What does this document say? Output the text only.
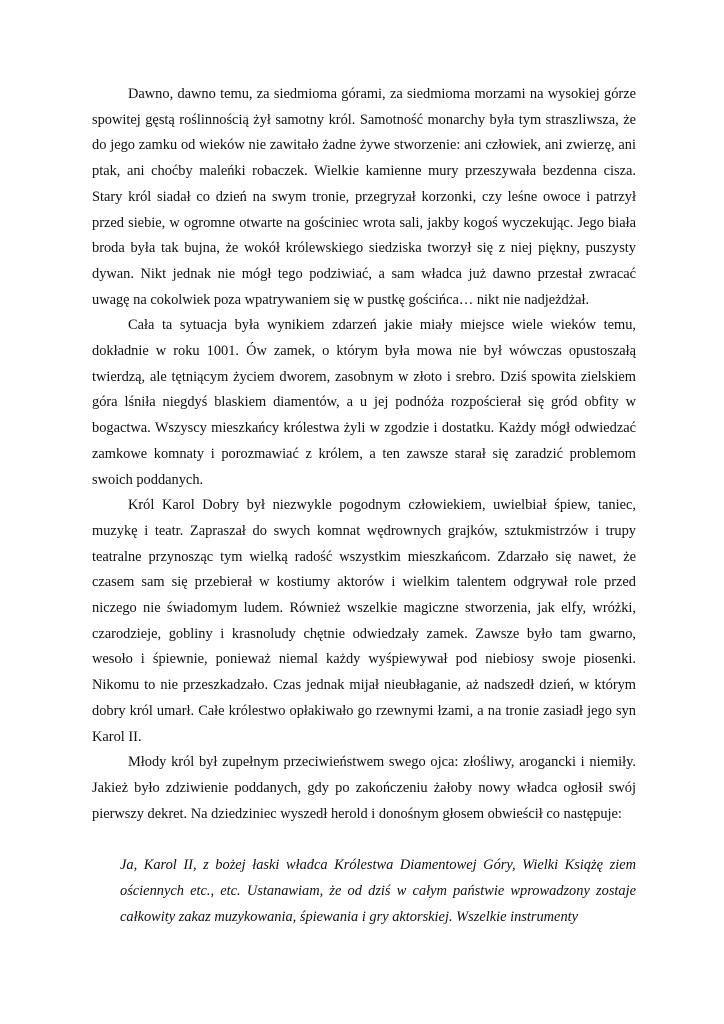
Dawno, dawno temu, za siedmioma górami, za siedmioma morzami na wysokiej górze spowitej gęstą roślinnością żył samotny król. Samotność monarchy była tym straszliwsza, że do jego zamku od wieków nie zawitało żadne żywe stworzenie: ani człowiek, ani zwierzę, ani ptak, ani choćby maleńki robaczek. Wielkie kamienne mury przeszywała bezdenna cisza. Stary król siadał co dzień na swym tronie, przegryzał korzonki, czy leśne owoce i patrzył przed siebie, w ogromne otwarte na gościniec wrota sali, jakby kogoś wyczekując. Jego biała broda była tak bujna, że wokół królewskiego siedziska tworzył się z niej piękny, puszysty dywan. Nikt jednak nie mógł tego podziwiać, a sam władca już dawno przestał zwracać uwagę na cokolwiek poza wpatrywaniem się w pustkę gościńca… nikt nie nadjeżdżał.

Cała ta sytuacja była wynikiem zdarzeń jakie miały miejsce wiele wieków temu, dokładnie w roku 1001. Ów zamek, o którym była mowa nie był wówczas opustoszałą twierdzą, ale tętniącym życiem dworem, zasobnym w złoto i srebro. Dziś spowita zielskiem góra lśniła niegdyś blaskiem diamentów, a u jej podnóża rozpościerał się gród obfity w bogactwa. Wszyscy mieszkańcy królestwa żyli w zgodzie i dostatku. Każdy mógł odwiedzać zamkowe komnaty i porozmawiać z królem, a ten zawsze starał się zaradzić problemom swoich poddanych.

Król Karol Dobry był niezwykle pogodnym człowiekiem, uwielbiał śpiew, taniec, muzykę i teatr. Zapraszał do swych komnat wędrownych grajków, sztukmistrzów i trupy teatralne przynosząc tym wielką radość wszystkim mieszkańcom. Zdarzało się nawet, że czasem sam się przebierał w kostiumy aktorów i wielkim talentem odgrywał role przed niczego nie świadomym ludem. Również wszelkie magiczne stworzenia, jak elfy, wróżki, czarodzieje, gobliny i krasnoludy chętnie odwiedzały zamek. Zawsze było tam gwarno, wesoło i śpiewnie, ponieważ niemal każdy wyśpiewywał pod niebiosy swoje piosenki. Nikomu to nie przeszkadzało. Czas jednak mijał nieubłaganie, aż nadszedł dzień, w którym dobry król umarł. Całe królestwo opłakiwało go rzewnymi łzami, a na tronie zasiadł jego syn Karol II.

Młody król był zupełnym przeciwieństwem swego ojca: złośliwy, arogancki i niemiły. Jakież było zdziwienie poddanych, gdy po zakończeniu żałoby nowy władca ogłosił swój pierwszy dekret. Na dziedziniec wyszedł herold i donośnym głosem obwieścił co następuje:

Ja, Karol II, z bożej łaski władca Królestwa Diamentowej Góry, Wielki Książę ziem ościennych etc., etc. Ustanawiam, że od dziś w całym państwie wprowadzony zostaje całkowity zakaz muzykowania, śpiewania i gry aktorskiej. Wszelkie instrumenty
